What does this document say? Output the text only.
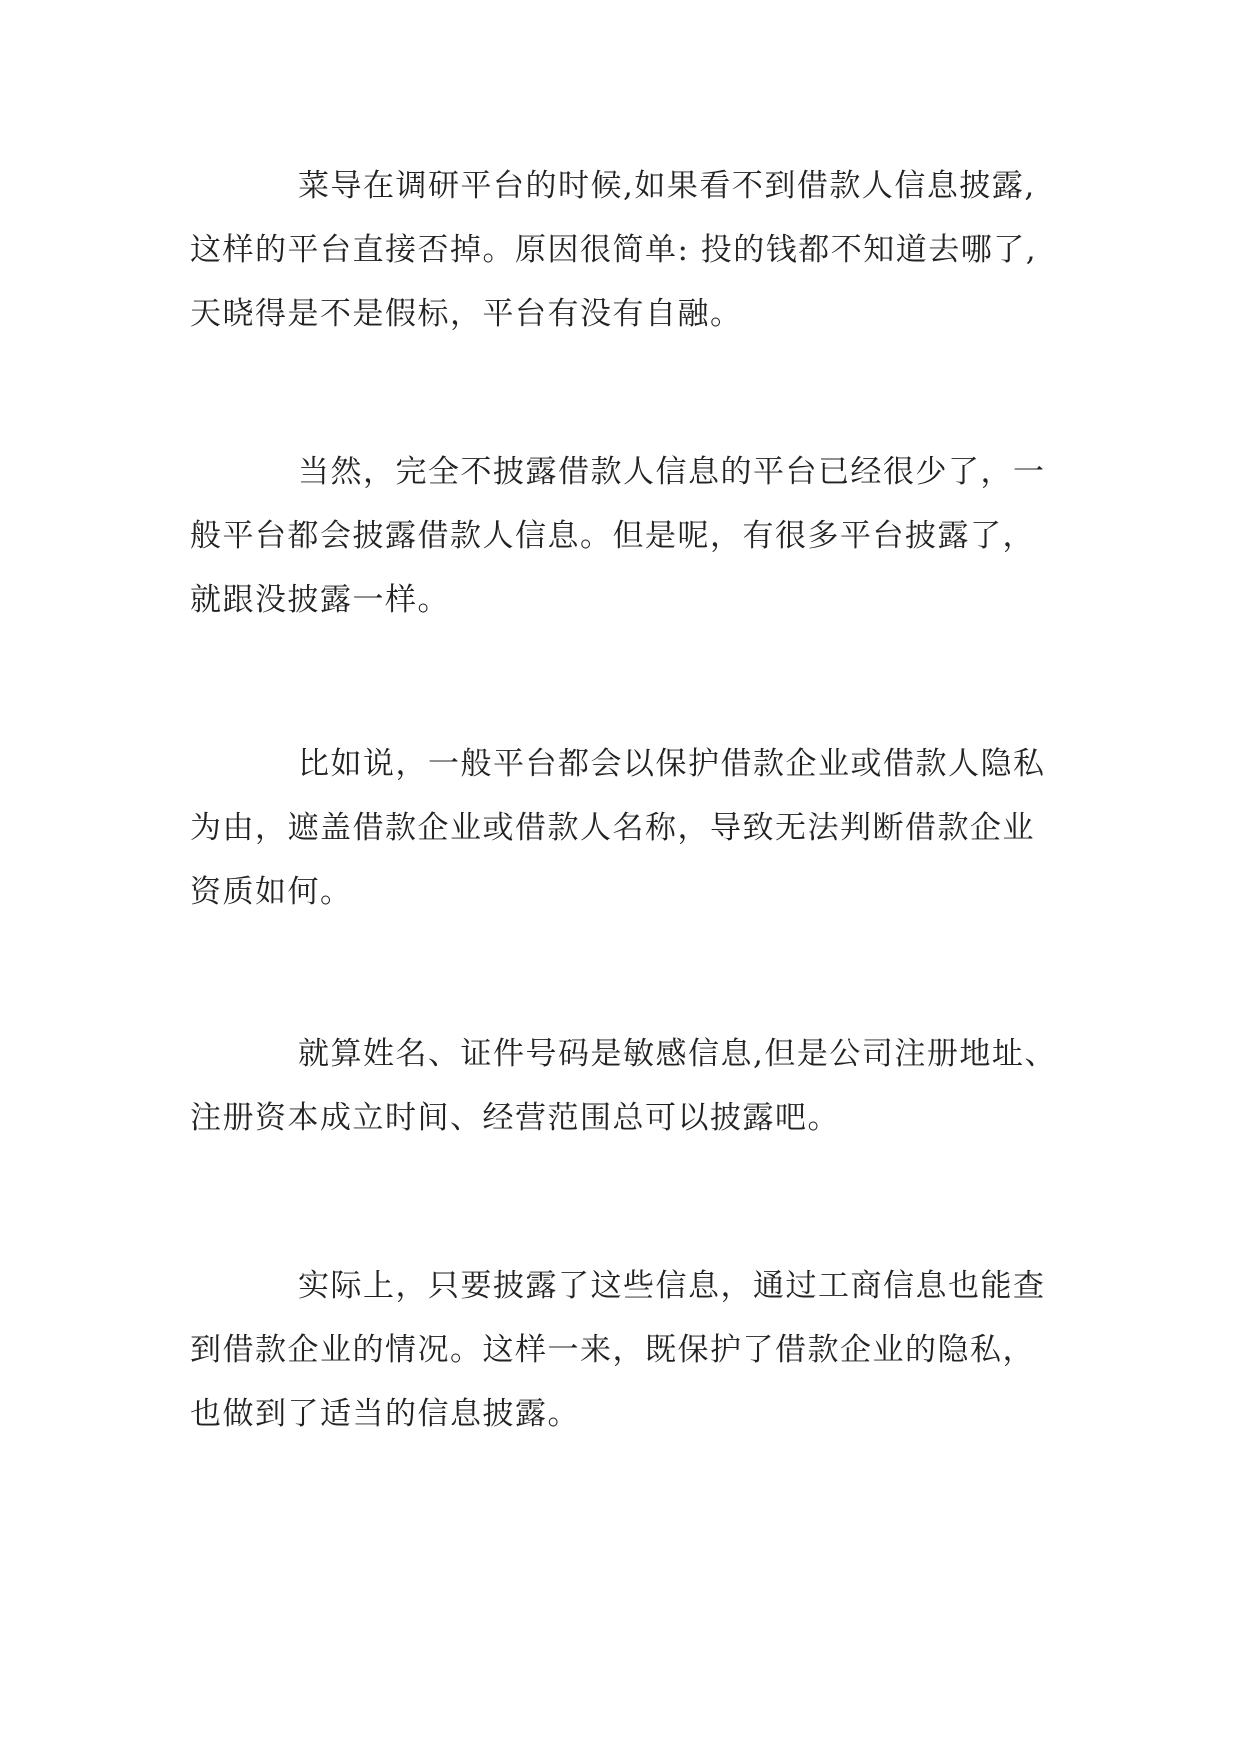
菜导在调研平台的时候,如果看不到借款人信息披露,
这样的平台直接否掉。原因很简单: 投的钱都不知道去哪了,
天晓得是不是假标，平台有没有自融。
当然，完全不披露借款人信息的平台已经很少了，一
般平台都会披露借款人信息。但是呢，有很多平台披露了，
就跟没披露一样。
比如说，一般平台都会以保护借款企业或借款人隐私
为由，遮盖借款企业或借款人名称，导致无法判断借款企业
资质如何。
就算姓名、证件号码是敏感信息,但是公司注册地址、
注册资本成立时间、经营范围总可以披露吧。
实际上，只要披露了这些信息，通过工商信息也能查
到借款企业的情况。这样一来，既保护了借款企业的隐私，
也做到了适当的信息披露。
